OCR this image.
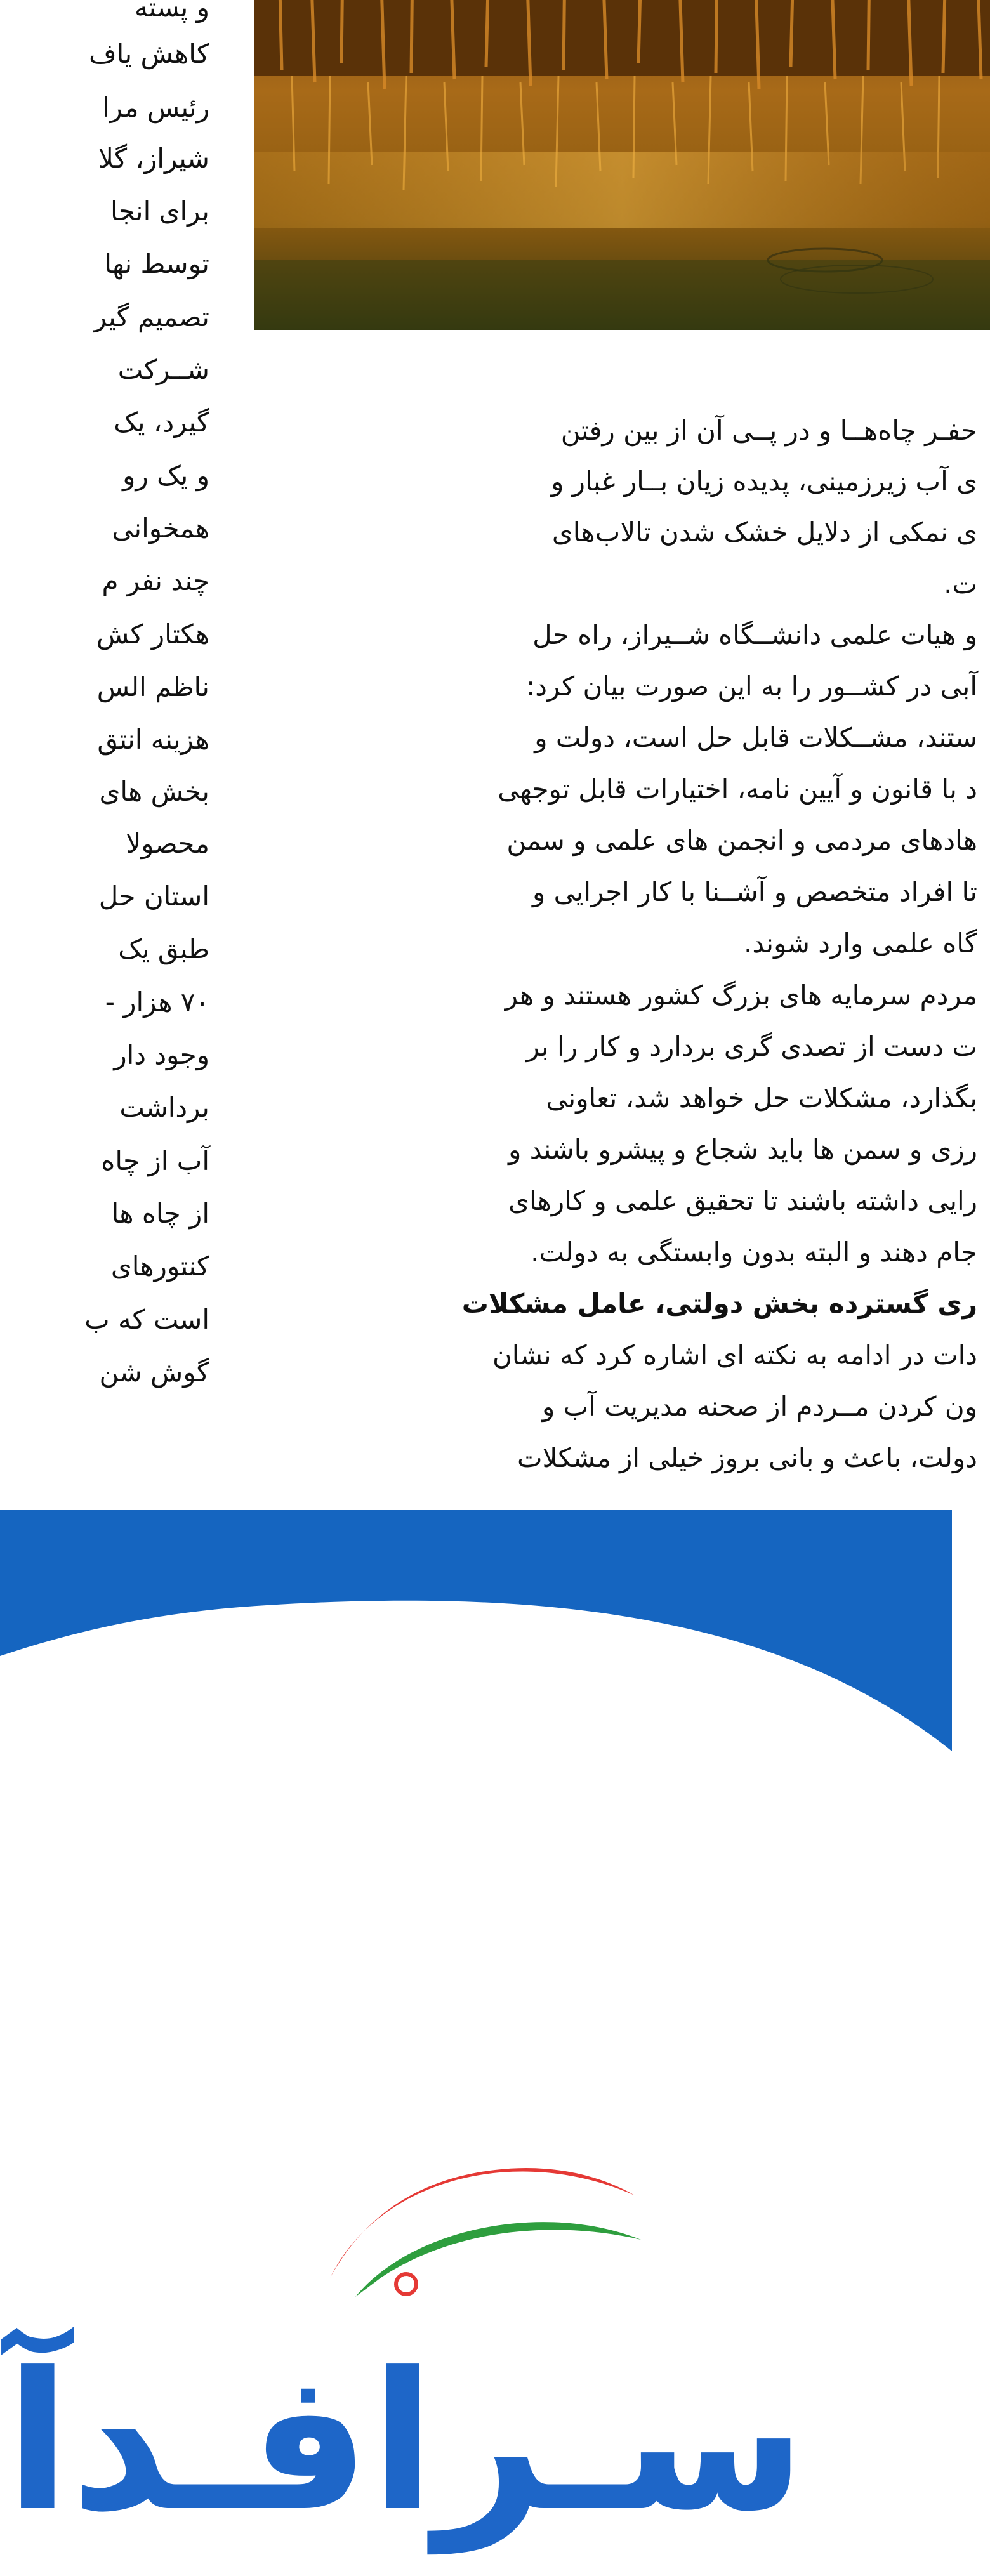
و پسته
کاهش یاف
رئیس مرا
شیراز، گلا
برای انجا
توسط نها
تصمیم گیر
شــرکت
گیرد، یک
و یک رو
همخوانی
چند نفر م
هکتار کش
ناظم الس
هزینه انتق
بخش های
محصولا
استان حل
طبق یک
۷۰ هزار -
وجود دار
برداشت
آب از چاه
از چاه ها
کنتورهای
است که ب
گوش شن
حفـر چاه‌هــا و در پــی آن از بین رفتن
ی آب زیرزمینی، پدیده زیان بــار غبار و
ی نمکی از دلایل خشک شدن تالاب‌های
ت.
و هیات علمی دانشــگاه شــیراز، راه حل
آبی در کشــور را به این صورت بیان کرد:
ستند، مشــکلات قابل حل است، دولت و
د با قانون و آیین نامه، اختیارات قابل توجهی
هادهای مردمی و انجمن های علمی و سمن
تا افراد متخصص و آشــنا با کار اجرایی و
گاه علمی وارد شوند.
مردم سرمایه های بزرگ کشور هستند و هر
ت دست از تصدی گری بردارد و کار را بر
بگذارد، مشکلات حل خواهد شد، تعاونی
رزی و سمن ها باید شجاع و پیشرو باشند و
رایی داشته باشند تا تحقیق علمی و کارهای
جام دهند و البته بدون وابستگی به دولت.
ری گسترده بخش دولتی، عامل مشکلات
دات در ادامه به نکته ای اشاره کرد که نشان
ون کردن مــردم از صحنه مدیریت آب و
دولت، باعث و بانی بروز خیلی از مشکلات
سـرافـدآ
